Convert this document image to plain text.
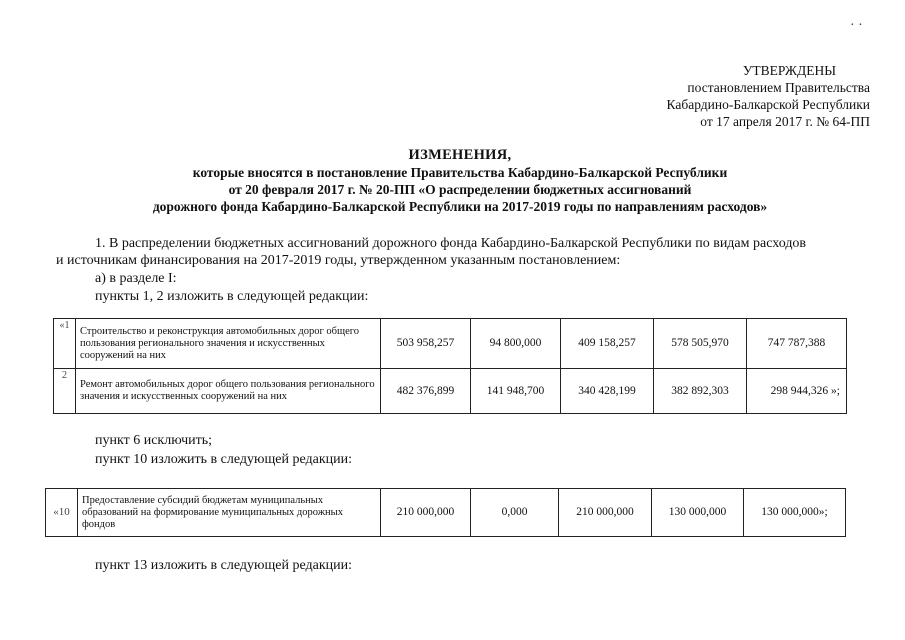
· ·
УТВЕРЖДЕНЫ
постановлением Правительства
Кабардино-Балкарской Республики
от 17 апреля 2017 г. № 64-ПП
ИЗМЕНЕНИЯ,
которые вносятся в постановление Правительства Кабардино-Балкарской Республики
от 20 февраля 2017 г. № 20-ПП «О распределении бюджетных ассигнований
дорожного фонда Кабардино-Балкарской Республики на 2017-2019 годы по направлениям расходов»
1. В распределении бюджетных ассигнований дорожного фонда Кабардино-Балкарской Республики по видам расходов
и источникам финансирования на 2017-2019 годы, утвержденном указанным постановлением:
а) в разделе I:
пункты 1, 2 изложить в следующей редакции:
«1	Строительство и реконструкция автомобильных дорог общего пользования регионального значения и искусственных сооружений на них	503 958,257	94 800,000	409 158,257	578 505,970	747 787,388
2	Ремонт автомобильных дорог общего пользования регионального значения и искусственных сооружений на них	482 376,899	141 948,700	340 428,199	382 892,303	298 944,326 »;
пункт 6 исключить;
пункт 10 изложить в следующей редакции:
«10	Предоставление субсидий бюджетам муниципальных образований на формирование муниципальных дорожных фондов	210 000,000	0,000	210 000,000	130 000,000	130 000,000»;
пункт 13 изложить в следующей редакции:
